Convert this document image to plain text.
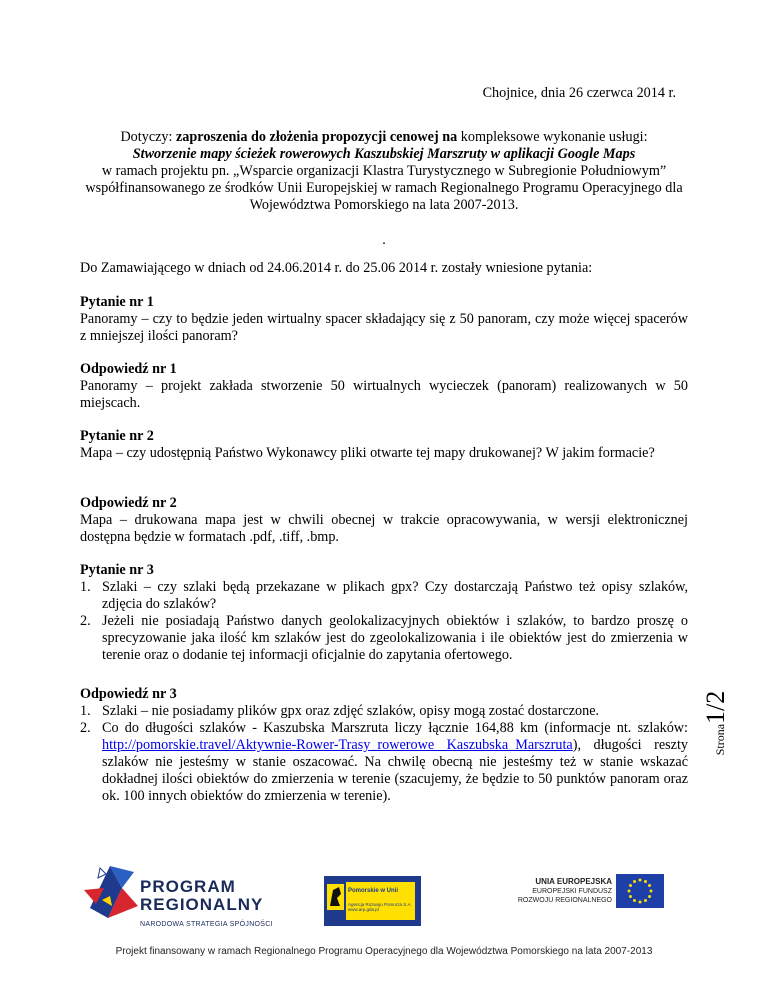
Chojnice, dnia 26 czerwca 2014 r.
Dotyczy: zaproszenia do złożenia propozycji cenowej na kompleksowe wykonanie usługi:
Stworzenie mapy ścieżek rowerowych Kaszubskiej Marszruty w aplikacji Google Maps
w ramach projektu pn. „Wsparcie organizacji Klastra Turystycznego w Subregionie Południowym” współfinansowanego ze środków Unii Europejskiej w ramach Regionalnego Programu Operacyjnego dla Województwa Pomorskiego na lata 2007-2013.
.
Do Zamawiającego w dniach od 24.06.2014 r. do 25.06 2014 r. zostały wniesione pytania:
Pytanie nr 1
Panoramy – czy to będzie jeden wirtualny spacer składający się z 50 panoram, czy może więcej spacerów z mniejszej ilości panoram?
Odpowiedź nr 1
Panoramy – projekt zakłada stworzenie 50 wirtualnych wycieczek (panoram) realizowanych w 50 miejscach.
Pytanie nr 2
Mapa – czy udostępnią Państwo Wykonawcy pliki otwarte tej mapy drukowanej? W jakim formacie?
Odpowiedź nr 2
Mapa – drukowana mapa jest w chwili obecnej w trakcie opracowywania, w wersji elektronicznej dostępna będzie w formatach .pdf, .tiff, .bmp.
Pytanie nr 3
1. Szlaki – czy szlaki będą przekazane w plikach gpx? Czy dostarczają Państwo też opisy szlaków, zdjęcia do szlaków?
2. Jeżeli nie posiadają Państwo danych geolokalizacyjnych obiektów i szlaków, to bardzo proszę o sprecyzowanie jaka ilość km szlaków jest do zgeolokalizowania i ile obiektów jest do zmierzenia w terenie oraz o dodanie tej informacji oficjalnie do zapytania ofertowego.
Odpowiedź nr 3
1. Szlaki – nie posiadamy plików gpx oraz zdjęć szlaków, opisy mogą zostać dostarczone.
2. Co do długości szlaków - Kaszubska Marszruta liczy łącznie 164,88 km (informacje nt. szlaków: http://pomorskie.travel/Aktywnie-Rower-Trasy_rowerowe Kaszubska_Marszruta), długości reszty szlaków nie jesteśmy w stanie oszacować. Na chwilę obecną nie jesteśmy też w stanie wskazać dokładnej ilości obiektów do zmierzenia w terenie (szacujemy, że będzie to 50 punktów panoram oraz ok. 100 innych obiektów do zmierzenia w terenie).
Strona1/2
PROGRAM
REGIONALNY
NARODOWA STRATEGIA SPÓJNOŚCI
Pomorskie w Unii
Agencja Rozwoju Pomorza S.A.
www.arp.gda.pl
UNIA EUROPEJSKA
EUROPEJSKI FUNDUSZ
ROZWOJU REGIONALNEGO
Projekt finansowany w ramach Regionalnego Programu Operacyjnego dla Województwa Pomorskiego na lata 2007-2013
